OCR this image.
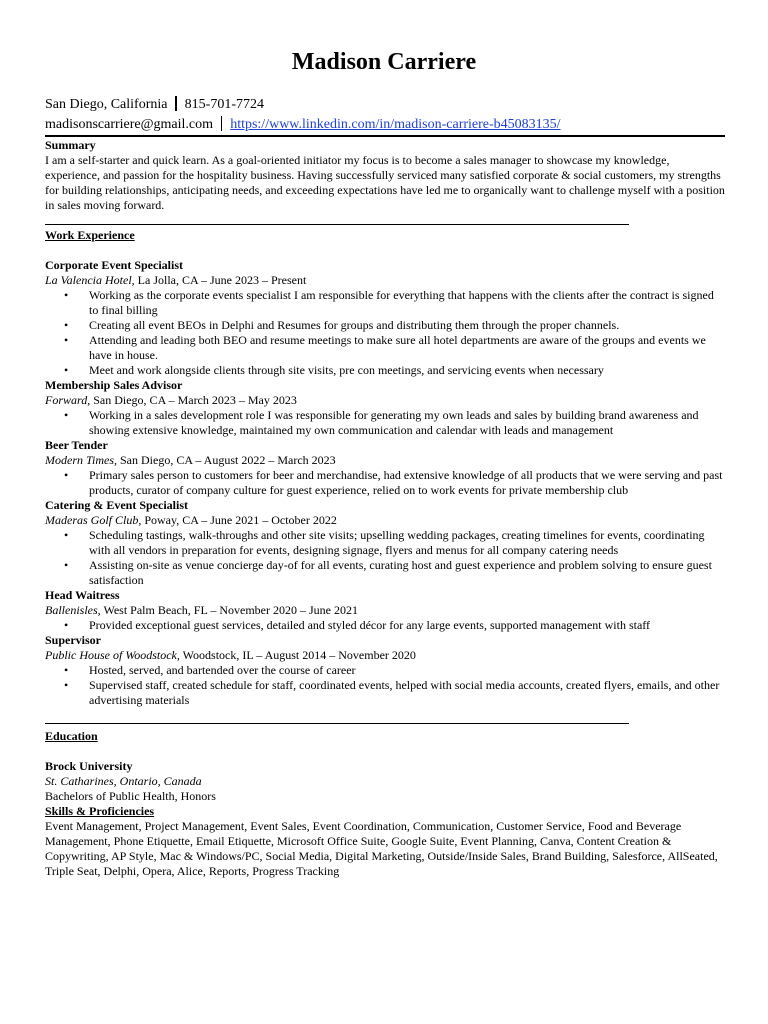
Madison Carriere
San Diego, California 815-701-7724
madisonscarriere@gmail.com https://www.linkedin.com/in/madison-carriere-b45083135/

Summary

I am a self-starter and quick learn. As a goal-oriented initiator my focus is to become a sales manager to showcase my knowledge, experience, and passion for the hospitality business. Having successfully serviced many satisfied corporate & social customers, my strengths for building relationships, anticipating needs, and exceeding expectations have led me to organically want to challenge myself with a position in sales moving forward.

Work Experience

Corporate Event Specialist

La Valencia Hotel, La Jolla, CA – June 2023 – Present

• Working as the corporate events specialist I am responsible for everything that happens with the clients after the contract is signed to final billing
• Creating all event BEOs in Delphi and Resumes for groups and distributing them through the proper channels.
• Attending and leading both BEO and resume meetings to make sure all hotel departments are aware of the groups and events we have in house.
• Meet and work alongside clients through site visits, pre con meetings, and servicing events when necessary

Membership Sales Advisor

Forward, San Diego, CA – March 2023 – May 2023

• Working in a sales development role I was responsible for generating my own leads and sales by building brand awareness and showing extensive knowledge, maintained my own communication and calendar with leads and management

Beer Tender

Modern Times, San Diego, CA – August 2022 – March 2023

• Primary sales person to customers for beer and merchandise, had extensive knowledge of all products that we were serving and past products, curator of company culture for guest experience, relied on to work events for private membership club

Catering & Event Specialist

Maderas Golf Club, Poway, CA – June 2021 – October 2022

• Scheduling tastings, walk-throughs and other site visits; upselling wedding packages, creating timelines for events, coordinating with all vendors in preparation for events, designing signage, flyers and menus for all company catering needs
• Assisting on-site as venue concierge day-of for all events, curating host and guest experience and problem solving to ensure guest satisfaction

Head Waitress

Ballenisles, West Palm Beach, FL – November 2020 – June 2021

• Provided exceptional guest services, detailed and styled décor for any large events, supported management with staff

Supervisor

Public House of Woodstock, Woodstock, IL – August 2014 – November 2020

• Hosted, served, and bartended over the course of career
• Supervised staff, created schedule for staff, coordinated events, helped with social media accounts, created flyers, emails, and other advertising materials

Education

Brock University

St. Catharines, Ontario, Canada

Bachelors of Public Health, Honors

Skills & Proficiencies

Event Management, Project Management, Event Sales, Event Coordination, Communication, Customer Service, Food and Beverage Management, Phone Etiquette, Email Etiquette, Microsoft Office Suite, Google Suite, Event Planning, Canva, Content Creation & Copywriting, AP Style, Mac & Windows/PC, Social Media, Digital Marketing, Outside/Inside Sales, Brand Building, Salesforce, AllSeated, Triple Seat, Delphi, Opera, Alice, Reports, Progress Tracking
